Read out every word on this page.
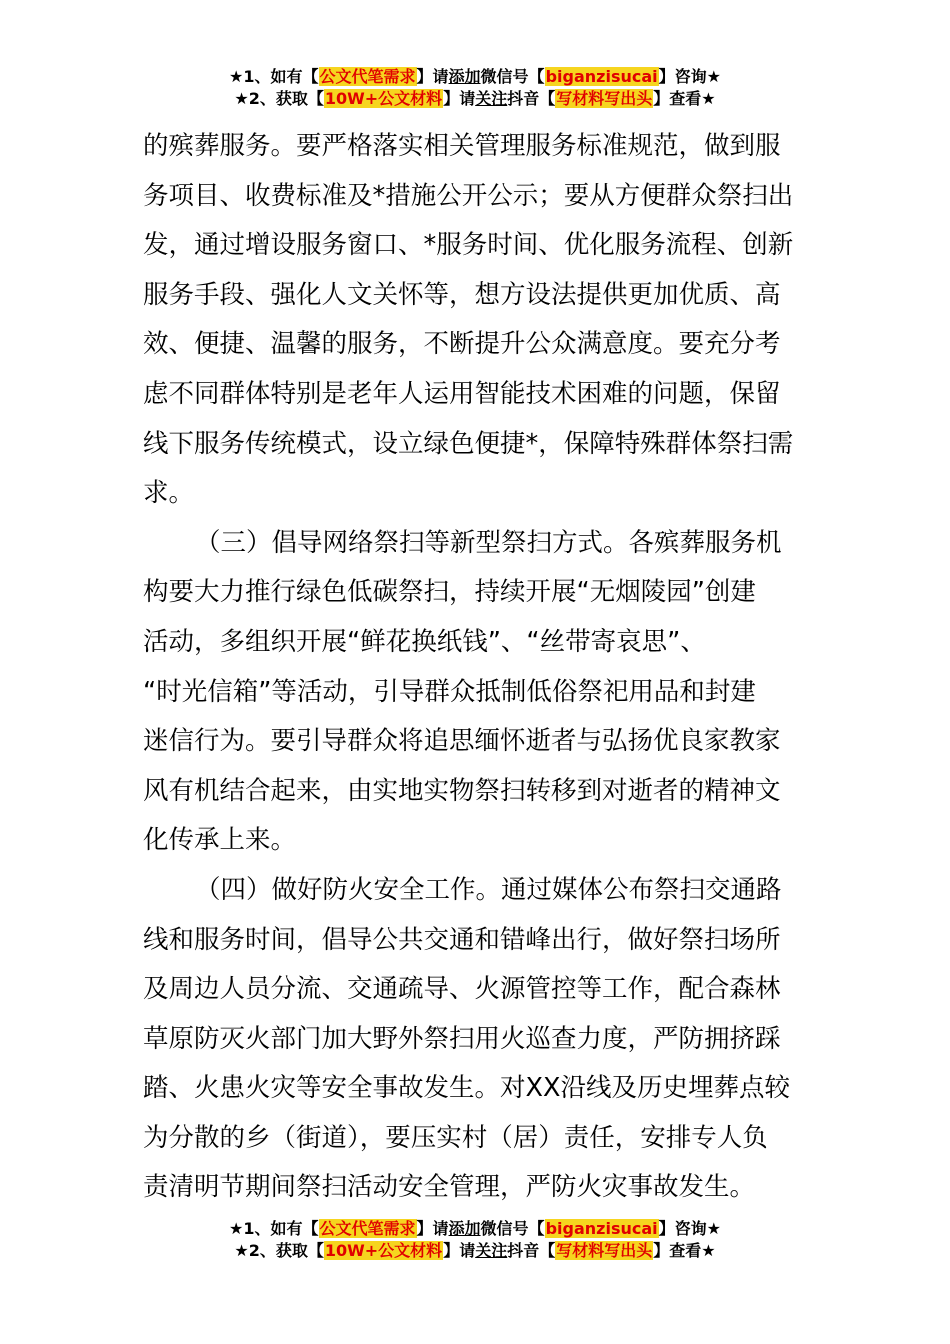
★1、如有【公文代笔需求】请添加微信号【biganzisucai】咨询★
★2、获取【10W+公文材料】请关注抖音【写材料写出头】查看★
的殡葬服务。要严格落实相关管理服务标准规范，做到服
务项目、收费标准及*措施公开公示；要从方便群众祭扫出
发，通过增设服务窗口、*服务时间、优化服务流程、创新
服务手段、强化人文关怀等，想方设法提供更加优质、高
效、便捷、温馨的服务，不断提升公众满意度。要充分考
虑不同群体特别是老年人运用智能技术困难的问题，保留
线下服务传统模式，设立绿色便捷*，保障特殊群体祭扫需
求。
（三）倡导网络祭扫等新型祭扫方式。各殡葬服务机
构要大力推行绿色低碳祭扫，持续开展“无烟陵园”创建
活动，多组织开展“鲜花换纸钱”、“丝带寄哀思”、
“时光信箱”等活动，引导群众抵制低俗祭祀用品和封建
迷信行为。要引导群众将追思缅怀逝者与弘扬优良家教家
风有机结合起来，由实地实物祭扫转移到对逝者的精神文
化传承上来。
（四）做好防火安全工作。通过媒体公布祭扫交通路
线和服务时间，倡导公共交通和错峰出行，做好祭扫场所
及周边人员分流、交通疏导、火源管控等工作，配合森林
草原防灭火部门加大野外祭扫用火巡查力度，严防拥挤踩
踏、火患火灾等安全事故发生。对XX沿线及历史埋葬点较
为分散的乡（街道），要压实村（居）责任，安排专人负
责清明节期间祭扫活动安全管理，严防火灾事故发生。
★1、如有【公文代笔需求】请添加微信号【biganzisucai】咨询★
★2、获取【10W+公文材料】请关注抖音【写材料写出头】查看★
